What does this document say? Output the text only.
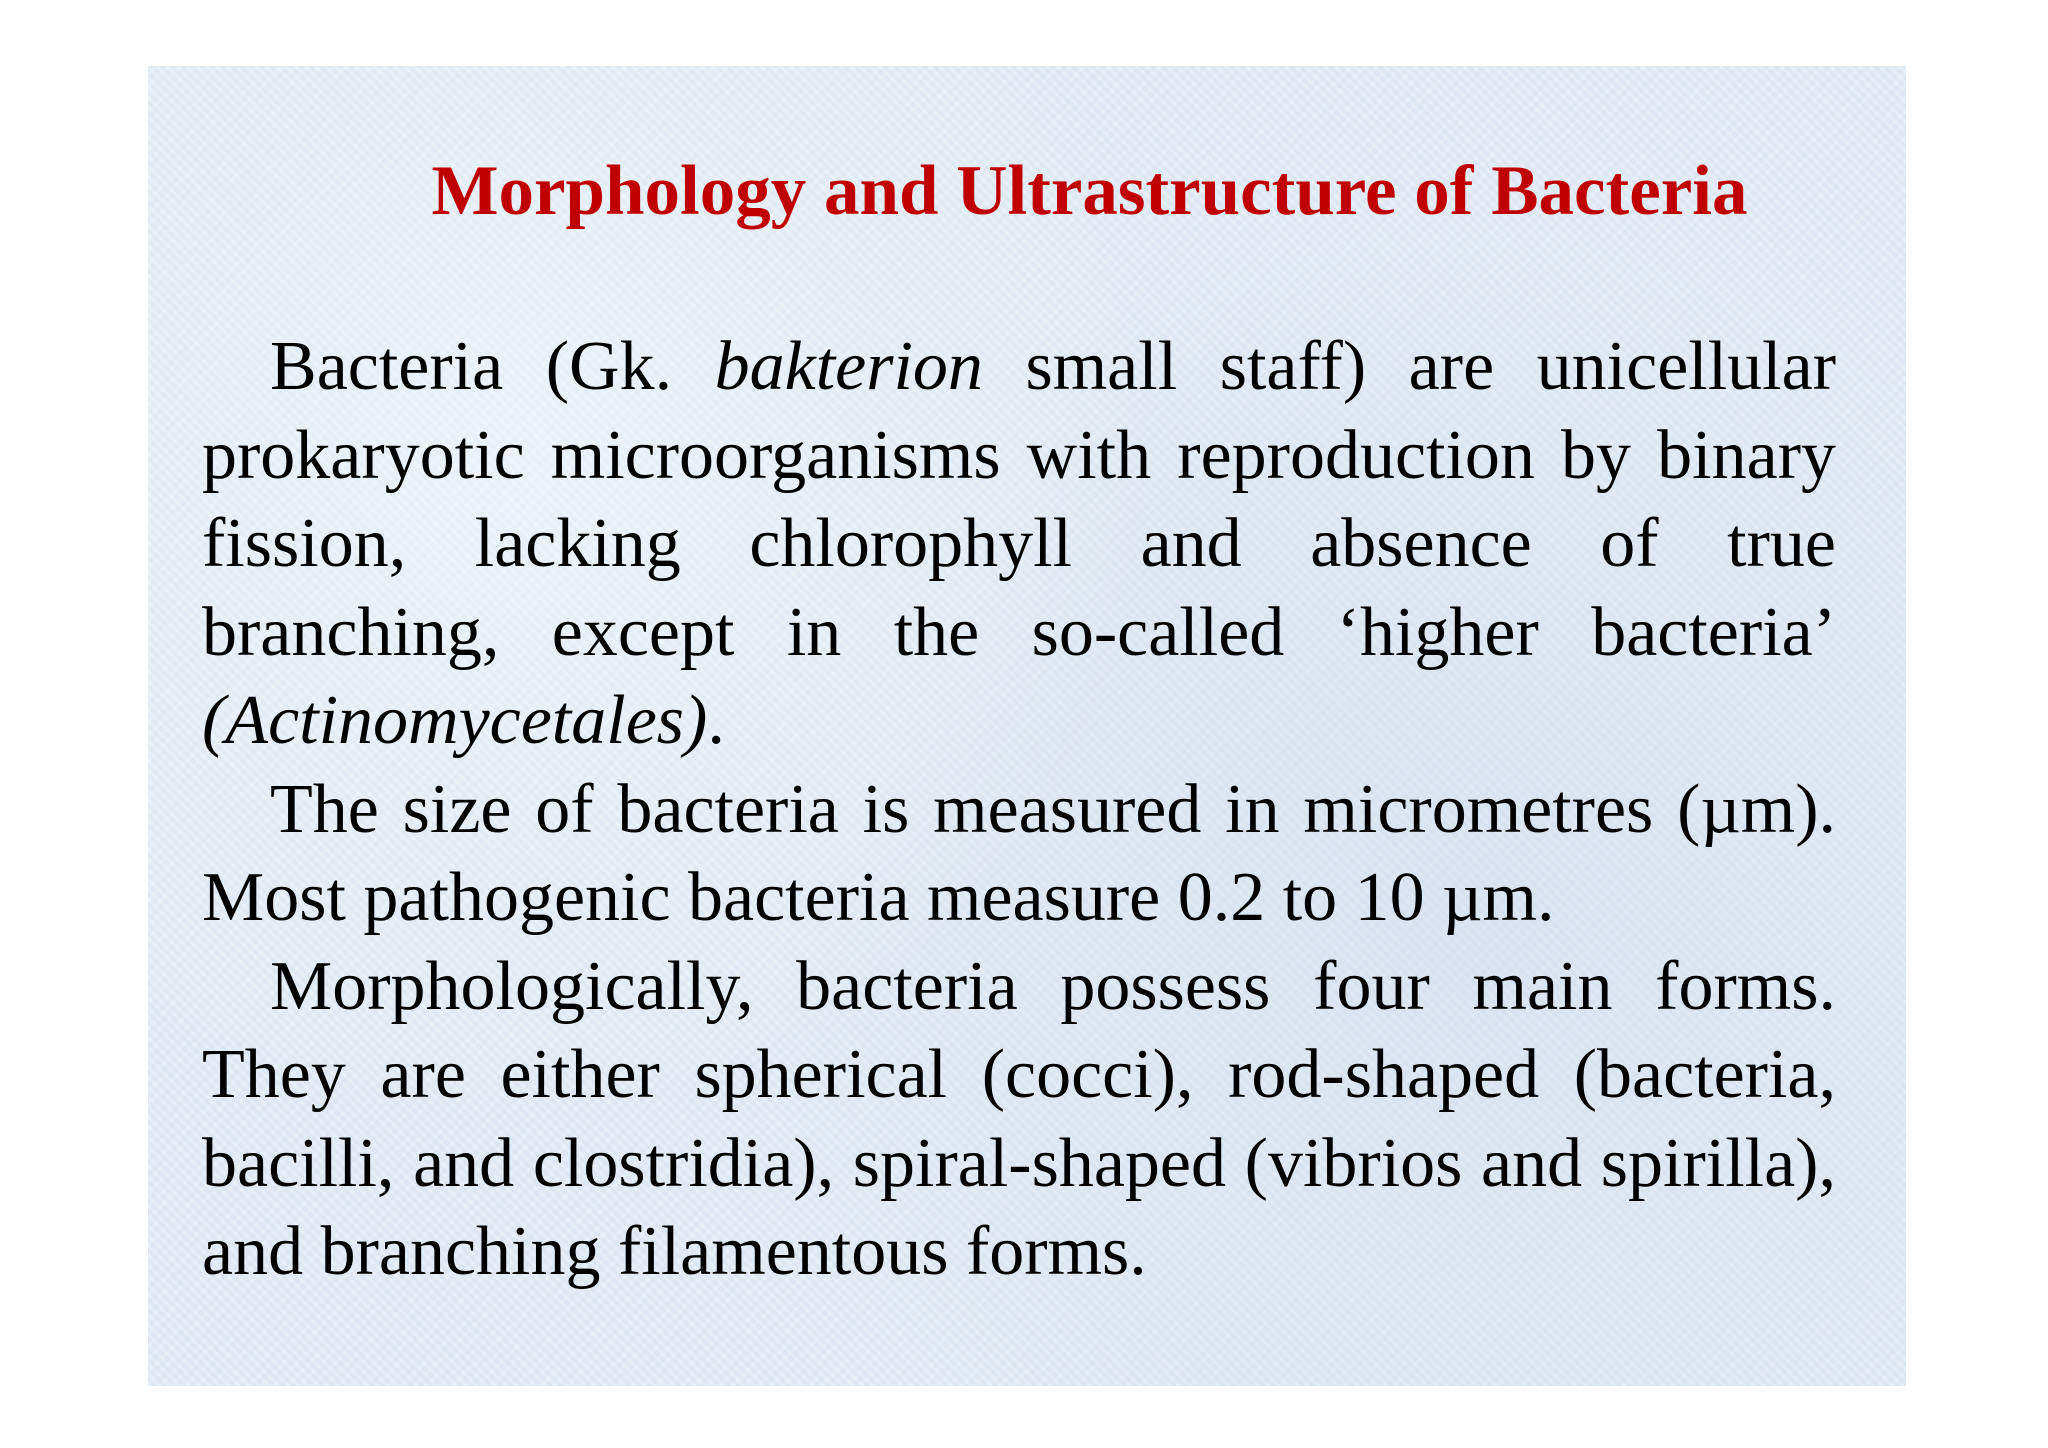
Morphology and Ultrastructure of Bacteria

Bacteria (Gk. bakterion small staff) are unicellular prokaryotic microorganisms with reproduction by binary fission, lacking chlorophyll and absence of true branching, except in the so-called ‘higher bacteria’ (Actinomycetales).

The size of bacteria is measured in micrometres (µm). Most pathogenic bacteria measure 0.2 to 10 µm.

Morphologically, bacteria possess four main forms. They are either spherical (cocci), rod-shaped (bacteria, bacilli, and clostridia), spiral-shaped (vibrios and spirilla), and branching filamentous forms.
